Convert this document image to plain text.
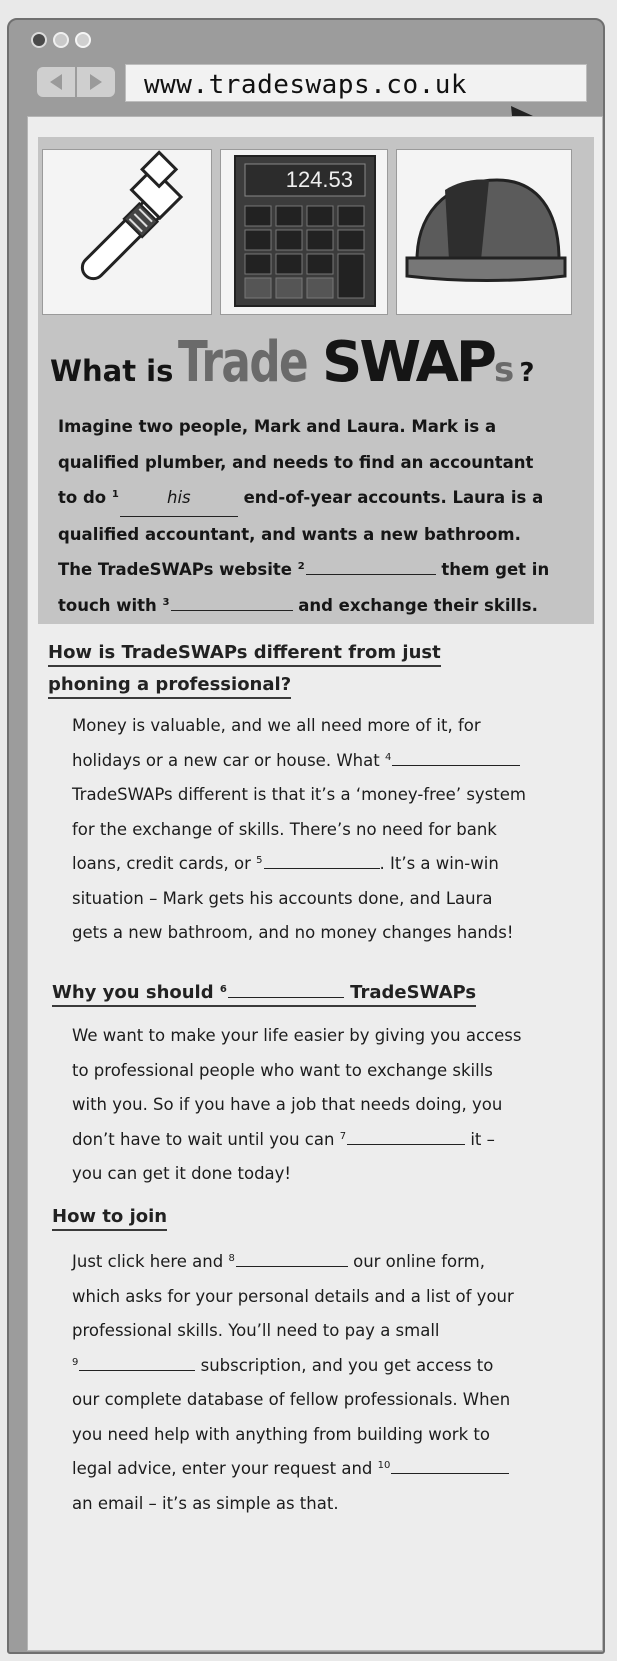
www.tradeswaps.co.uk
124.53
What is Trade SWAPs ?
Imagine two people, Mark and Laura. Mark is a
qualified plumber, and needs to find an accountant
to do $^1$	his	end-of-year accounts. Laura is a
qualified accountant, and wants a new bathroom.
The TradeSWAPs website $^2$	them get in
touch with $^3$	and exchange their skills.
How is TradeSWAPs different from just
phoning a professional?
Money is valuable, and we all need more of it, for
holidays or a new car or house. What $^4$
TradeSWAPs different is that it’s a ‘money-free’ system
for the exchange of skills. There’s no need for bank
loans, credit cards, or $^5$	. It’s a win-win
situation – Mark gets his accounts done, and Laura
gets a new bathroom, and no money changes hands!
Why you should $^6$	TradeSWAPs
We want to make your life easier by giving you access
to professional people who want to exchange skills
with you. So if you have a job that needs doing, you
don’t have to wait until you can $^7$	it –
you can get it done today!
How to join
Just click here and $^8$	our online form,
which asks for your personal details and a list of your
professional skills. You’ll need to pay a small
$^9$	subscription, and you get access to
our complete database of fellow professionals. When
you need help with anything from building work to
legal advice, enter your request and $^{10}$
an email – it’s as simple as that.
